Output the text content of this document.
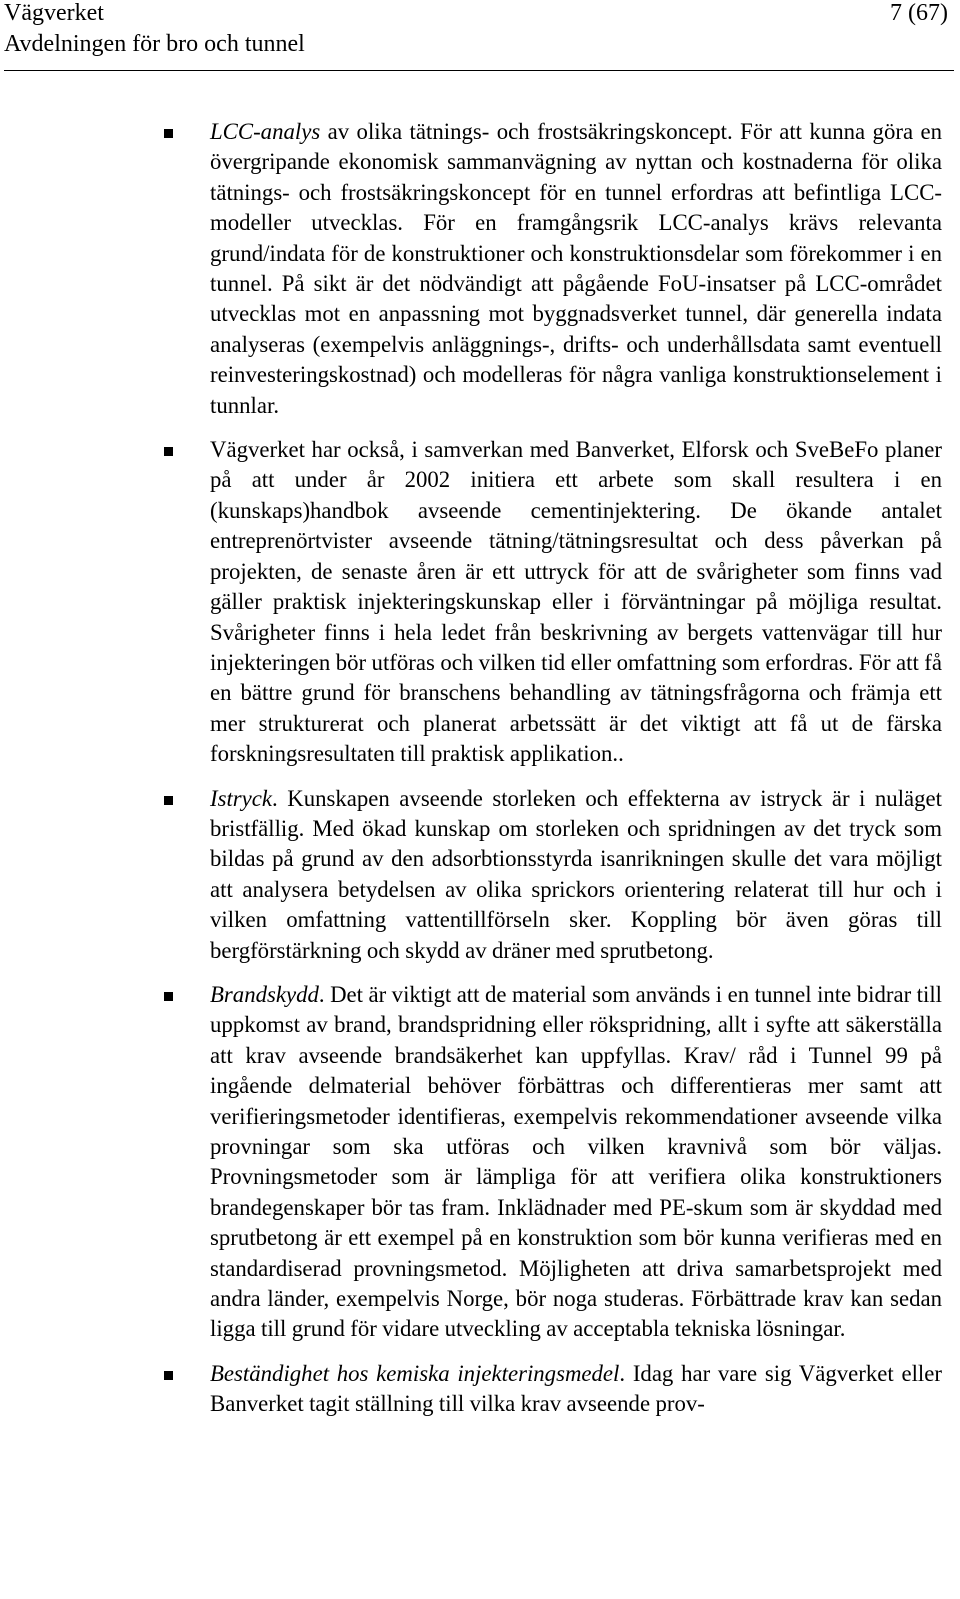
Vägverket
Avdelningen för bro och tunnel
7 (67)

LCC-analys av olika tätnings- och frostsäkringskoncept. För att kunna göra en övergripande ekonomisk sammanvägning av nyttan och kostnaderna för olika tätnings- och frostsäkringskoncept för en tunnel erfordras att befintliga LCC-modeller utvecklas. För en framgångsrik LCC-analys krävs relevanta grund/indata för de konstruktioner och konstruktionsdelar som förekommer i en tunnel. På sikt är det nödvändigt att pågående FoU-insatser på LCC-området utvecklas mot en anpassning mot byggnadsverket tunnel, där generella indata analyseras (exempelvis anläggnings-, drifts- och underhållsdata samt eventuell reinvesteringskostnad) och modelleras för några vanliga konstruktionselement i tunnlar.

Vägverket har också, i samverkan med Banverket, Elforsk och SveBeFo planer på att under år 2002 initiera ett arbete som skall resultera i en (kunskaps)handbok avseende cementinjektering. De ökande antalet entreprenörtvister avseende tätning/tätningsresultat och dess påverkan på projekten, de senaste åren är ett uttryck för att de svårigheter som finns vad gäller praktisk injekteringskunskap eller i förväntningar på möjliga resultat. Svårigheter finns i hela ledet från beskrivning av bergets vattenvägar till hur injekteringen bör utföras och vilken tid eller omfattning som erfordras. För att få en bättre grund för branschens behandling av tätningsfrågorna och främja ett mer strukturerat och planerat arbetssätt är det viktigt att få ut de färska forskningsresultaten till praktisk applikation..

Istryck. Kunskapen avseende storleken och effekterna av istryck är i nuläget bristfällig. Med ökad kunskap om storleken och spridningen av det tryck som bildas på grund av den adsorbtionsstyrda isanrikningen skulle det vara möjligt att analysera betydelsen av olika sprickors orientering relaterat till hur och i vilken omfattning vattentillförseln sker. Koppling bör även göras till bergförstärkning och skydd av dräner med sprutbetong.

Brandskydd. Det är viktigt att de material som används i en tunnel inte bidrar till uppkomst av brand, brandspridning eller rökspridning, allt i syfte att säkerställa att krav avseende brandsäkerhet kan uppfyllas. Krav/ råd i Tunnel 99 på ingående delmaterial behöver förbättras och differentieras mer samt att verifieringsmetoder identifieras, exempelvis rekommendationer avseende vilka provningar som ska utföras och vilken kravnivå som bör väljas. Provningsmetoder som är lämpliga för att verifiera olika konstruktioners brandegenskaper bör tas fram. Inklädnader med PE-skum som är skyddad med sprutbetong är ett exempel på en konstruktion som bör kunna verifieras med en standardiserad provningsmetod. Möjligheten att driva samarbetsprojekt med andra länder, exempelvis Norge, bör noga studeras. Förbättrade krav kan sedan ligga till grund för vidare utveckling av acceptabla tekniska lösningar.

Beständighet hos kemiska injekteringsmedel. Idag har vare sig Vägverket eller Banverket tagit ställning till vilka krav avseende prov-
